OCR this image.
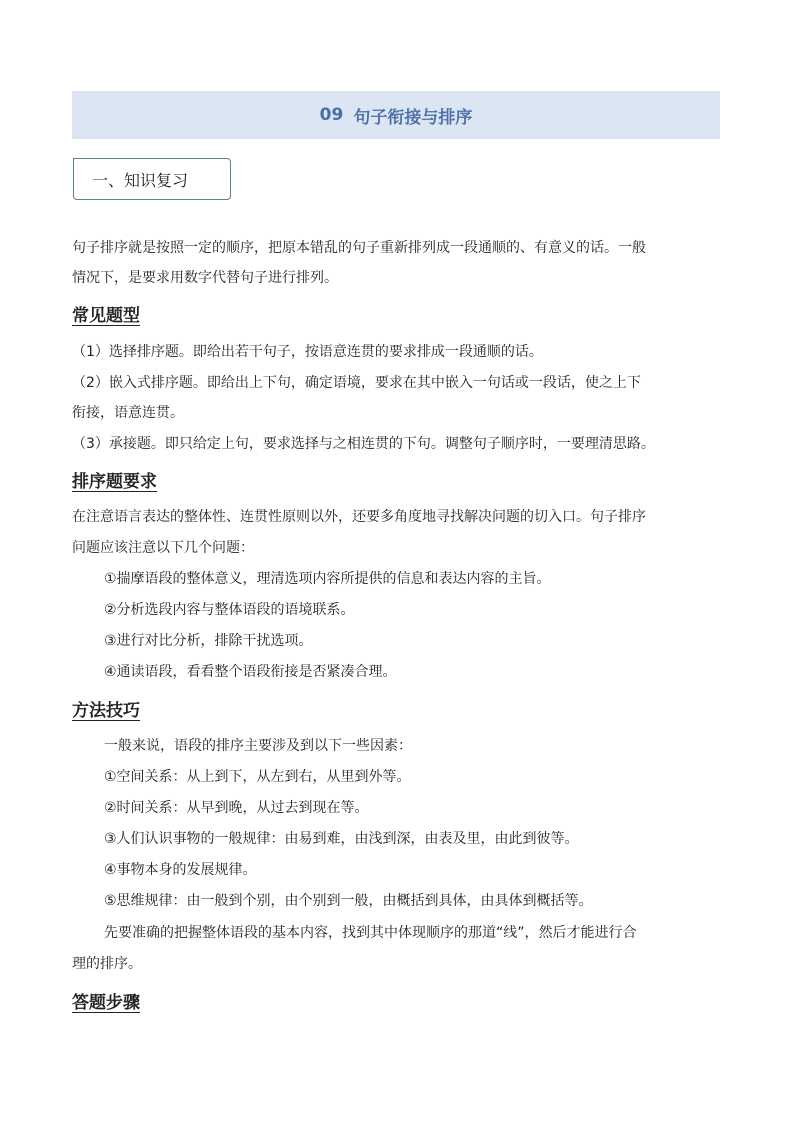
09 句子衔接与排序
一、知识复习

句子排序就是按照一定的顺序，把原本错乱的句子重新排列成一段通顺的、有意义的话。一般

情况下，是要求用数字代替句子进行排列。

常见题型

（1）选择排序题。即给出若干句子，按语意连贯的要求排成一段通顺的话。

（2）嵌入式排序题。即给出上下句，确定语境，要求在其中嵌入一句话或一段话，使之上下

衔接，语意连贯。

（3）承接题。即只给定上句，要求选择与之相连贯的下句。调整句子顺序时，一要理清思路。

排序题要求

在注意语言表达的整体性、连贯性原则以外，还要多角度地寻找解决问题的切入口。句子排序

问题应该注意以下几个问题：

①揣摩语段的整体意义，理清选项内容所提供的信息和表达内容的主旨。

②分析选段内容与整体语段的语境联系。

③进行对比分析，排除干扰选项。

④通读语段，看看整个语段衔接是否紧凑合理。

方法技巧

一般来说，语段的排序主要涉及到以下一些因素：

①空间关系：从上到下，从左到右，从里到外等。

②时间关系：从早到晚，从过去到现在等。

③人们认识事物的一般规律：由易到难，由浅到深，由表及里，由此到彼等。

④事物本身的发展规律。

⑤思维规律：由一般到个别，由个别到一般，由概括到具体，由具体到概括等。

先要准确的把握整体语段的基本内容，找到其中体现顺序的那道“线”，然后才能进行合

理的排序。

答题步骤
